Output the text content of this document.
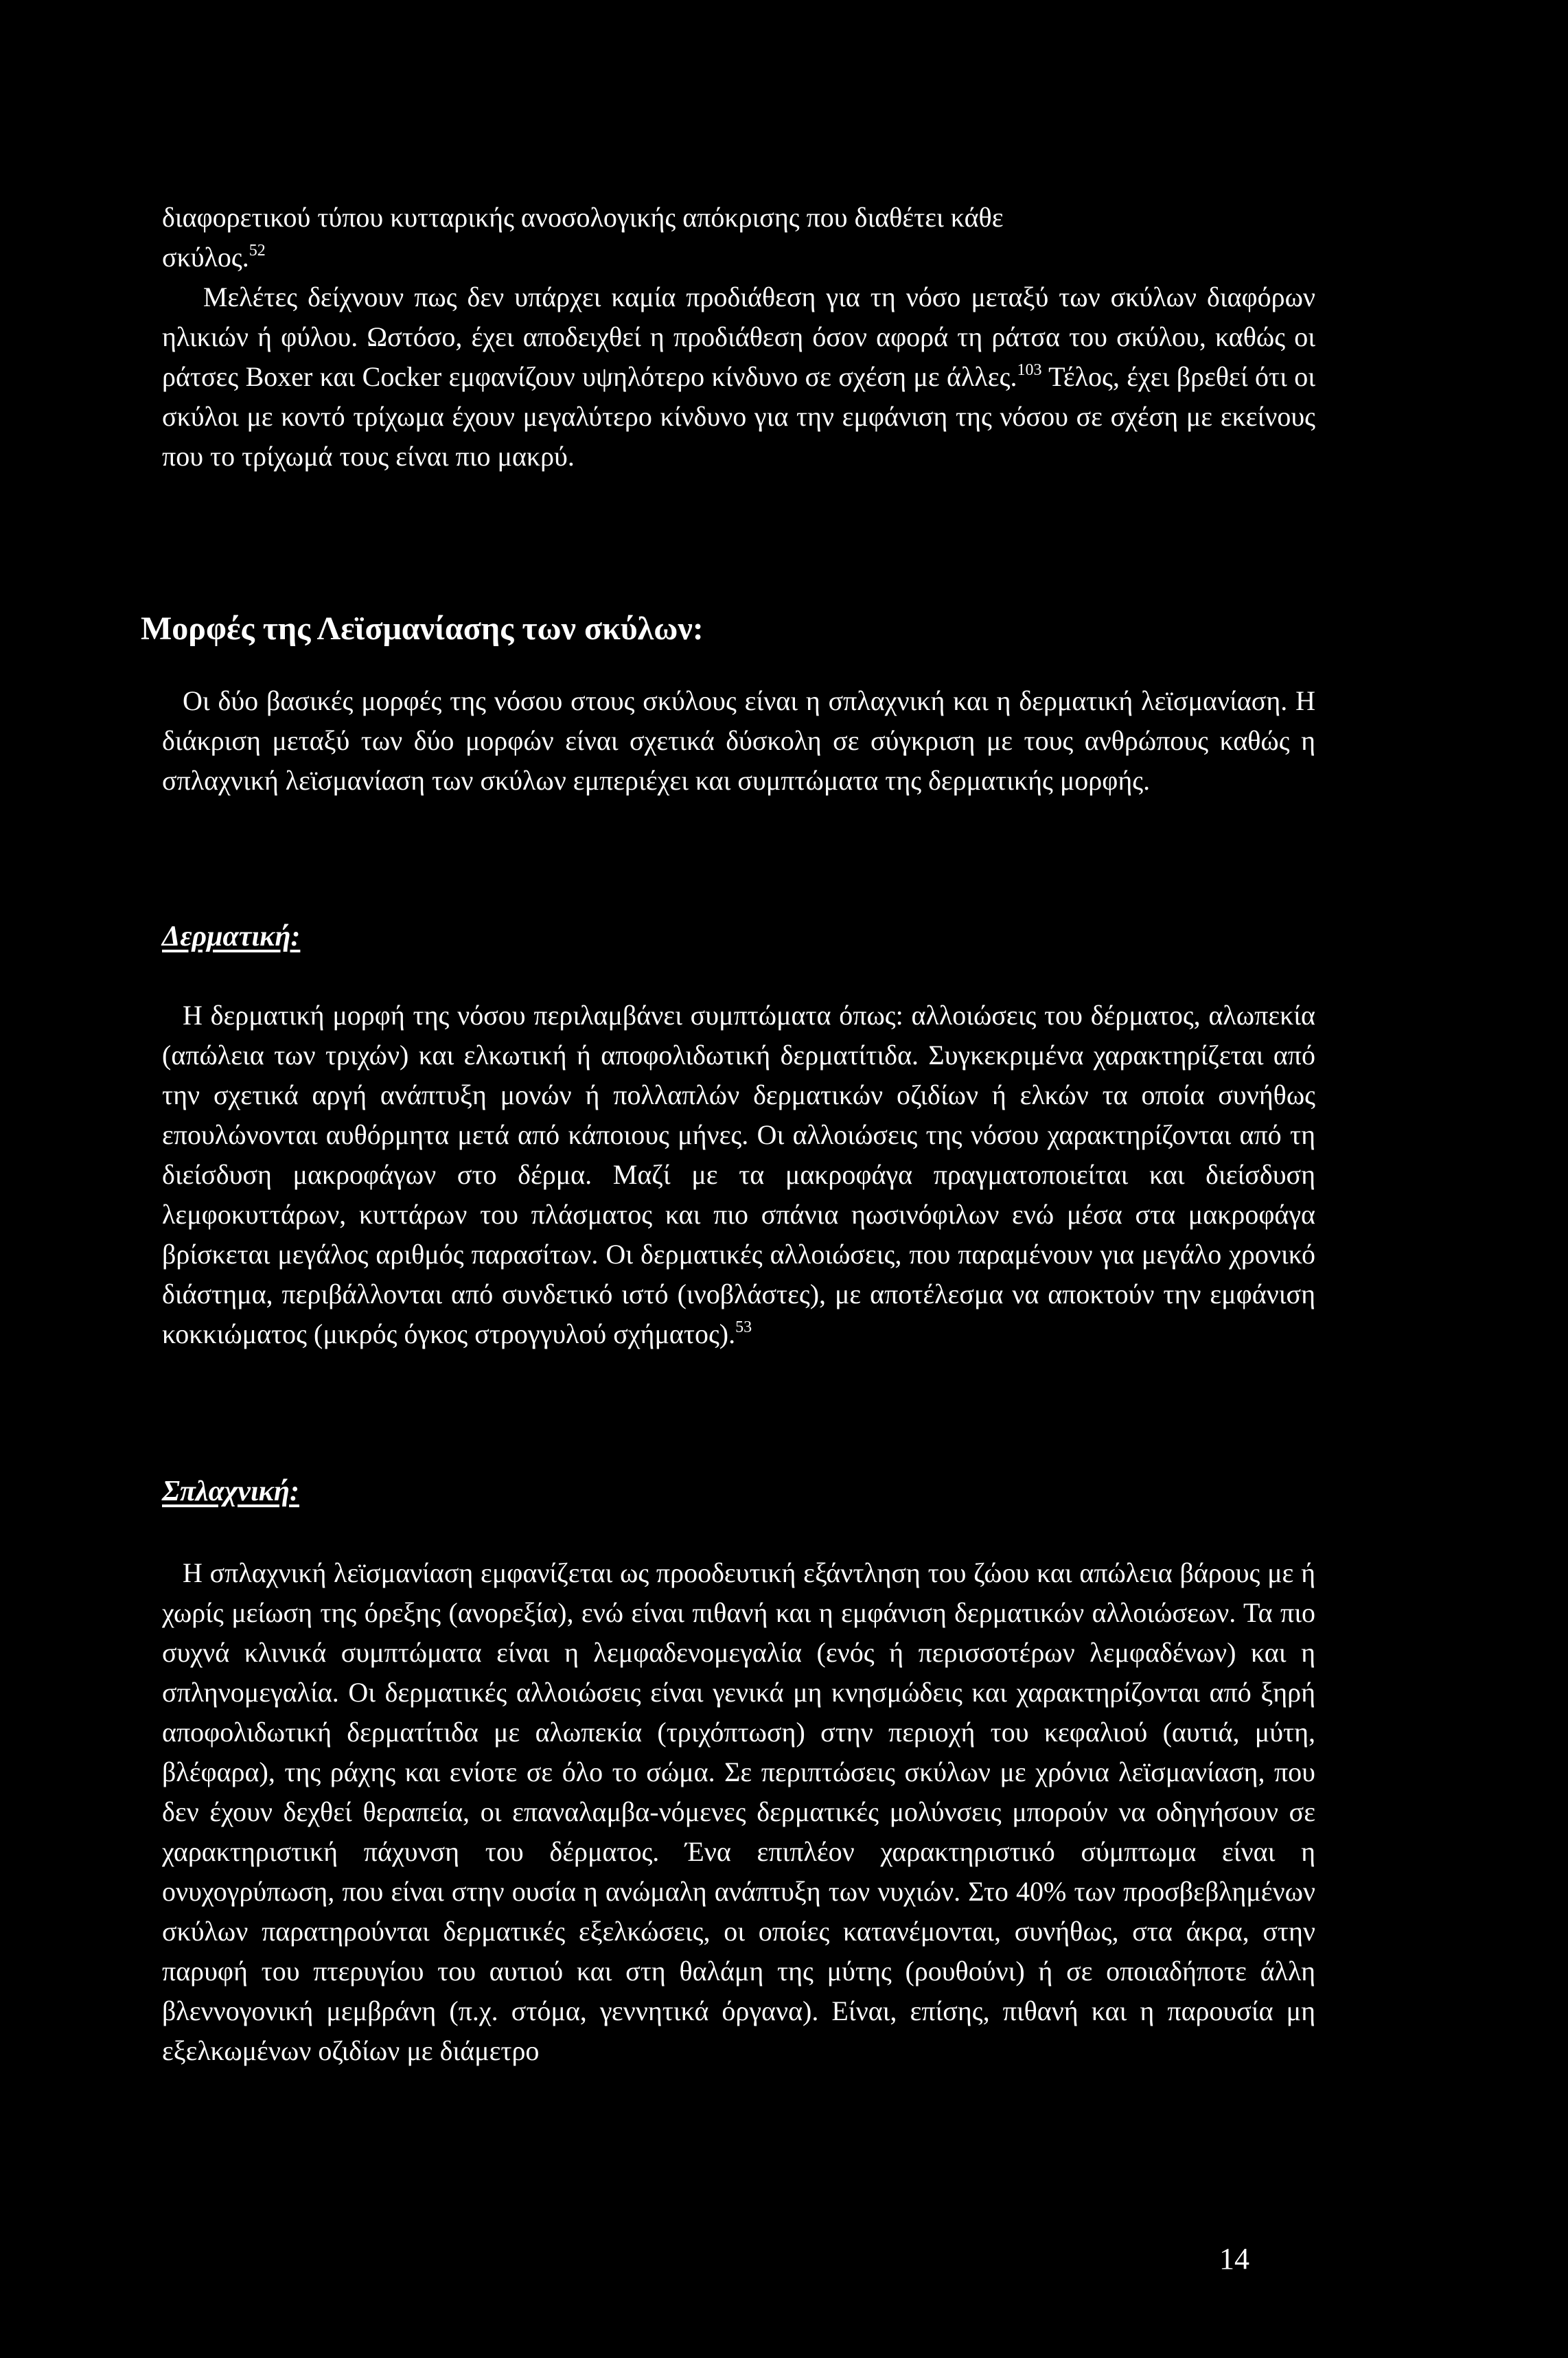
διαφορετικού τύπου κυτταρικής ανοσολογικής απόκρισης που διαθέτει κάθε
σκύλος.$^{52}$
Μελέτες δείχνουν πως δεν υπάρχει καμία προδιάθεση για τη νόσο μεταξύ των σκύλων διαφόρων ηλικιών ή φύλου. Ωστόσο, έχει αποδειχθεί η προδιάθεση όσον αφορά τη ράτσα του σκύλου, καθώς οι ράτσες Boxer και Cocker εμφανίζουν υψηλότερο κίνδυνο σε σχέση με άλλες.$^{103}$ Τέλος, έχει βρεθεί ότι οι σκύλοι με κοντό τρίχωμα έχουν μεγαλύτερο κίνδυνο για την εμφάνιση της νόσου σε σχέση με εκείνους που το τρίχωμά τους είναι πιο μακρύ.

Μορφές της Λεϊσμανίασης των σκύλων:

Οι δύο βασικές μορφές της νόσου στους σκύλους είναι η σπλαχνική και η δερματική λεϊσμανίαση. Η διάκριση μεταξύ των δύο μορφών είναι σχετικά δύσκολη σε σύγκριση με τους ανθρώπους καθώς η σπλαχνική λεϊσμανίαση των σκύλων εμπεριέχει και συμπτώματα της δερματικής μορφής.

Δερματική:

Η δερματική μορφή της νόσου περιλαμβάνει συμπτώματα όπως: αλλοιώσεις του δέρματος, αλωπεκία (απώλεια των τριχών) και ελκωτική ή αποφολιδωτική δερματίτιδα. Συγκεκριμένα χαρακτηρίζεται από την σχετικά αργή ανάπτυξη μονών ή πολλαπλών δερματικών οζιδίων ή ελκών τα οποία συνήθως επουλώνονται αυθόρμητα μετά από κάποιους μήνες. Οι αλλοιώσεις της νόσου χαρακτηρίζονται από τη διείσδυση μακροφάγων στο δέρμα. Μαζί με τα μακροφάγα πραγματοποιείται και διείσδυση λεμφοκυττάρων, κυττάρων του πλάσματος και πιο σπάνια ηωσινόφιλων ενώ μέσα στα μακροφάγα βρίσκεται μεγάλος αριθμός παρασίτων. Οι δερματικές αλλοιώσεις, που παραμένουν για μεγάλο χρονικό διάστημα, περιβάλλονται από συνδετικό ιστό (ινοβλάστες), με αποτέλεσμα να αποκτούν την εμφάνιση κοκκιώματος (μικρός όγκος στρογγυλού σχήματος).$^{53}$

Σπλαχνική:

Η σπλαχνική λεϊσμανίαση εμφανίζεται ως προοδευτική εξάντληση του ζώου και απώλεια βάρους με ή χωρίς μείωση της όρεξης (ανορεξία), ενώ είναι πιθανή και η εμφάνιση δερματικών αλλοιώσεων. Τα πιο συχνά κλινικά συμπτώματα είναι η λεμφαδενομεγαλία (ενός ή περισσοτέρων λεμφαδένων) και η σπληνομεγαλία. Οι δερματικές αλλοιώσεις είναι γενικά μη κνησμώδεις και χαρακτηρίζονται από ξηρή αποφολιδωτική δερματίτιδα με αλωπεκία (τριχόπτωση) στην περιοχή του κεφαλιού (αυτιά, μύτη, βλέφαρα), της ράχης και ενίοτε σε όλο το σώμα. Σε περιπτώσεις σκύλων με χρόνια λεϊσμανίαση, που δεν έχουν δεχθεί θεραπεία, οι επαναλαμβα-νόμενες δερματικές μολύνσεις μπορούν να οδηγήσουν σε χαρακτηριστική πάχυνση του δέρματος. Ένα επιπλέον χαρακτηριστικό σύμπτωμα είναι η ονυχογρύπωση, που είναι στην ουσία η ανώμαλη ανάπτυξη των νυχιών. Στο 40% των προσβεβλημένων σκύλων παρατηρούνται δερματικές εξελκώσεις, οι οποίες κατανέμονται, συνήθως, στα άκρα, στην παρυφή του πτερυγίου του αυτιού και στη θαλάμη της μύτης (ρουθούνι) ή σε οποιαδήποτε άλλη βλεννογονική μεμβράνη (π.χ. στόμα, γεννητικά όργανα). Είναι, επίσης, πιθανή και η παρουσία μη εξελκωμένων οζιδίων με διάμετρο

14
